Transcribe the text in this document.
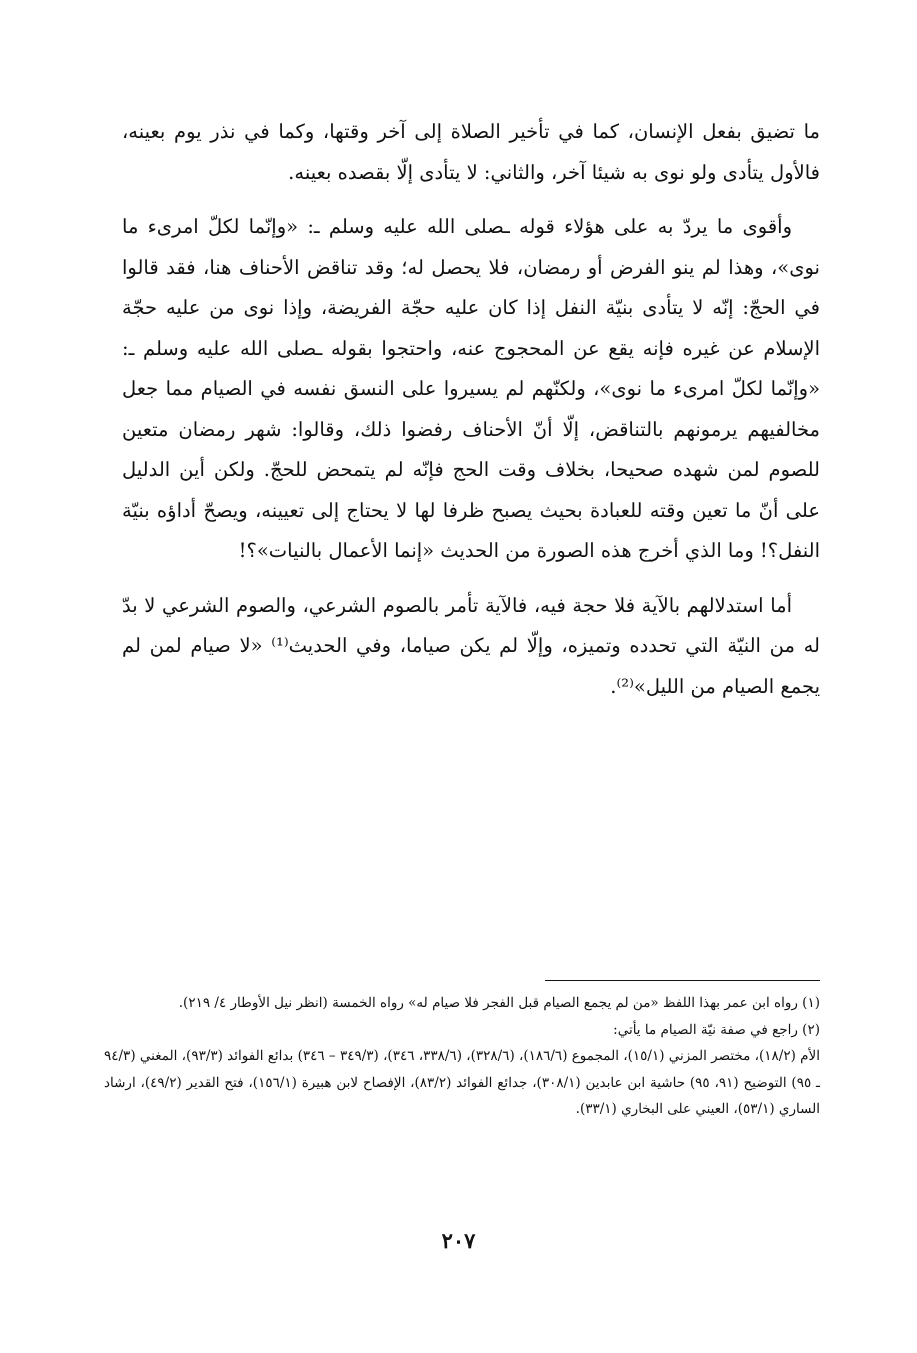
ما تضيق بفعل الإنسان، كما في تأخير الصلاة إلى آخر وقتها، وكما في نذر يوم بعينه، فالأول يتأدى ولو نوى به شيئا آخر، والثاني: لا يتأدى إلّا بقصده بعينه.

وأقوى ما يردّ به على هؤلاء قوله ـصلى الله عليه وسلم ـ: «وإنّما لكلّ امرىء ما نوى»، وهذا لم ينو الفرض أو رمضان، فلا يحصل له؛ وقد تناقض الأحناف هنا، فقد قالوا في الحجّ: إنّه لا يتأدى بنيّة النفل إذا كان عليه حجّة الفريضة، وإذا نوى من عليه حجّة الإسلام عن غيره فإنه يقع عن المحجوج عنه، واحتجوا بقوله ـصلى الله عليه وسلم ـ: «وإنّما لكلّ امرىء ما نوى»، ولكنّهم لم يسيروا على النسق نفسه في الصيام مما جعل مخالفيهم يرمونهم بالتناقض، إلّا أنّ الأحناف رفضوا ذلك، وقالوا: شهر رمضان متعين للصوم لمن شهده صحيحا، بخلاف وقت الحج فإنّه لم يتمحض للحجّ. ولكن أين الدليل على أنّ ما تعين وقته للعبادة بحيث يصبح ظرفا لها لا يحتاج إلى تعيينه، ويصحّ أداؤه بنيّة النفل؟! وما الذي أخرج هذه الصورة من الحديث «إنما الأعمال بالنيات»؟!

أما استدلالهم بالآية فلا حجة فيه، فالآية تأمر بالصوم الشرعي، والصوم الشرعي لا بدّ له من النيّة التي تحدده وتميزه، وإلّا لم يكن صياما، وفي الحديث⁽¹⁾ «لا صيام لمن لم يجمع الصيام من الليل»⁽²⁾.

(١) رواه ابن عمر بهذا اللفظ «من لم يجمع الصيام قبل الفجر فلا صيام له» رواه الخمسة (انظر نيل الأوطار ٤/ ٢١٩).

(٢) راجع في صفة نيّة الصيام ما يأتي:

الأم (١٨/٢)، مختصر المزني (١٥/١)، المجموع (١٨٦/٦)، (٣٢٨/٦)، (٣٣٨/٦، ٣٤٦)، (٣٤٩/٣ – ٣٤٦) بدائع الفوائد (٩٣/٣)، المغني (٩٤/٣ ـ ٩٥) التوضيح (٩١، ٩٥) حاشية ابن عابدين (٣٠٨/١)، جدائع الفوائد (٨٣/٢)، الإفصاح لابن هبيرة (١٥٦/١)، فتح القدير (٤٩/٢)، ارشاد الساري (٥٣/١)، العيني على البخاري (٣٣/١).

٢٠٧
